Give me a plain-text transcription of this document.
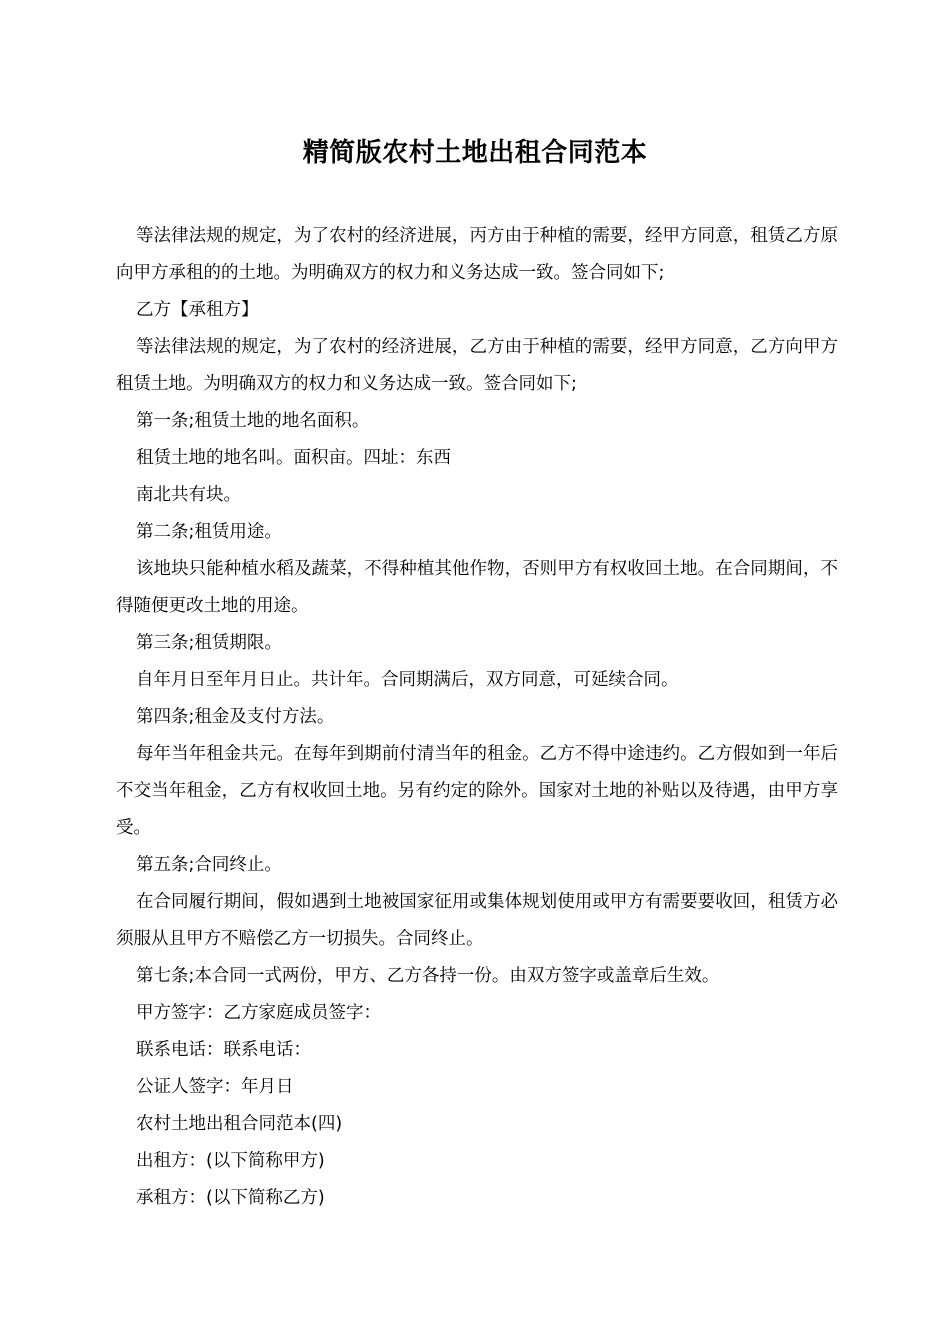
精简版农村土地出租合同范本

等法律法规的规定，为了农村的经济进展，丙方由于种植的需要，经甲方同意，租赁乙方原向甲方承租的的土地。为明确双方的权力和义务达成一致。签合同如下;

乙方【承租方】

等法律法规的规定，为了农村的经济进展，乙方由于种植的需要，经甲方同意，乙方向甲方租赁土地。为明确双方的权力和义务达成一致。签合同如下;

第一条;租赁土地的地名面积。

租赁土地的地名叫。面积亩。四址：东西

南北共有块。

第二条;租赁用途。

该地块只能种植水稻及蔬菜，不得种植其他作物，否则甲方有权收回土地。在合同期间，不得随便更改土地的用途。

第三条;租赁期限。

自年月日至年月日止。共计年。合同期满后，双方同意，可延续合同。

第四条;租金及支付方法。

每年当年租金共元。在每年到期前付清当年的租金。乙方不得中途违约。乙方假如到一年后不交当年租金，乙方有权收回土地。另有约定的除外。国家对土地的补贴以及待遇，由甲方享受。

第五条;合同终止。

在合同履行期间，假如遇到土地被国家征用或集体规划使用或甲方有需要要收回，租赁方必须服从且甲方不赔偿乙方一切损失。合同终止。

第七条;本合同一式两份，甲方、乙方各持一份。由双方签字或盖章后生效。

甲方签字：乙方家庭成员签字：

联系电话：联系电话：

公证人签字：年月日

农村土地出租合同范本(四)

出租方：(以下简称甲方)

承租方：(以下简称乙方)
